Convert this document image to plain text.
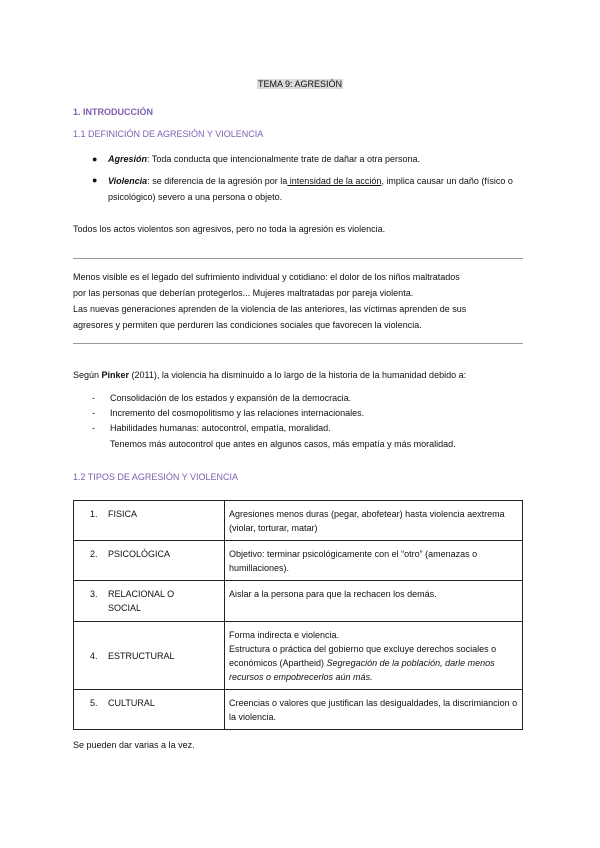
TEMA 9: AGRESIÓN
1. INTRODUCCIÓN
1.1 DEFINICIÓN DE AGRESIÓN Y VIOLENCIA
● Agresión: Toda conducta que intencionalmente trate de dañar a otra persona.
● Violencia: se diferencia de la agresión por la intensidad de la acción, implica causar un daño (físico o psicológico) severo a una persona o objeto.
Todos los actos violentos son agresivos, pero no toda la agresión es violencia.
Menos visible es el legado del sufrimiento individual y cotidiano: el dolor de los niños maltratados
por las personas que deberían protegerlos... Mujeres maltratadas por pareja violenta.
Las nuevas generaciones aprenden de la violencia de las anteriores, las víctimas aprenden de sus
agresores y permiten que perduren las condiciones sociales que favorecen la violencia.
Según Pinker (2011), la violencia ha disminuido a lo largo de la historia de la humanidad debido a:
- Consolidación de los estados y expansión de la democracia.
- Incremento del cosmopolitismo y las relaciones internacionales.
- Habilidades humanas: autocontrol, empatía, moralidad.
Tenemos más autocontrol que antes en algunos casos, más empatía y más moralidad.
1.2 TIPOS DE AGRESIÓN Y VIOLENCIA
1. FISICA	Agresiones menos duras (pegar, abofetear) hasta violencia aextrema (violar, torturar, matar)
2. PSICOLÓGICA	Objetivo: terminar psicológicamente con el “otro” (amenazas o humillaciones).
3. RELACIONAL O
SOCIAL	Aislar a la persona para que la rechacen los demás.
4. ESTRUCTURAL	Forma indirecta e violencia.
Estructura o práctica del gobierno que excluye derechos sociales o económicos (Apartheid) Segregación de la población, darle menos recursos o empobrecerlos aún más.

5. CULTURAL	Creencias o valores que justifican las desigualdades, la discrimiancion o la violencia.
Se pueden dar varias a la vez.
